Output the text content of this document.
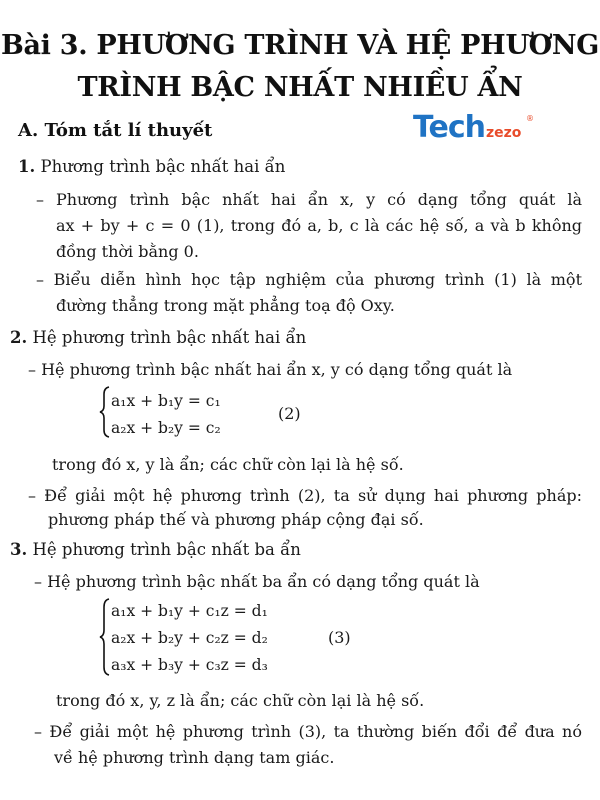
Bài 3. PHƯƠNG TRÌNH VÀ HỆ PHƯƠNG
TRÌNH BẬC NHẤT NHIỀU ẨN
A. Tóm tắt lí thuyết	Techzezo
®
1. Phương trình bậc nhất hai ẩn
– Phương trình bậc nhất hai ẩn x, y có dạng tổng quát là
ax + by + c = 0 (1), trong đó a, b, c là các hệ số, a và b không
đồng thời bằng 0.
– Biểu diễn hình học tập nghiệm của phương trình (1) là một
đường thẳng trong mặt phẳng toạ độ Oxy.
2. Hệ phương trình bậc nhất hai ẩn
– Hệ phương trình bậc nhất hai ẩn x, y có dạng tổng quát là
a₁x + b₁y = c₁
a₂x + b₂y = c₂
(2)
trong đó x, y là ẩn; các chữ còn lại là hệ số.
– Để giải một hệ phương trình (2), ta sử dụng hai phương pháp:
phương pháp thế và phương pháp cộng đại số.
3. Hệ phương trình bậc nhất ba ẩn
– Hệ phương trình bậc nhất ba ẩn có dạng tổng quát là
a₁x + b₁y + c₁z = d₁
a₂x + b₂y + c₂z = d₂
a₃x + b₃y + c₃z = d₃
(3)
trong đó x, y, z là ẩn; các chữ còn lại là hệ số.
– Để giải một hệ phương trình (3), ta thường biến đổi để đưa nó
về hệ phương trình dạng tam giác.
